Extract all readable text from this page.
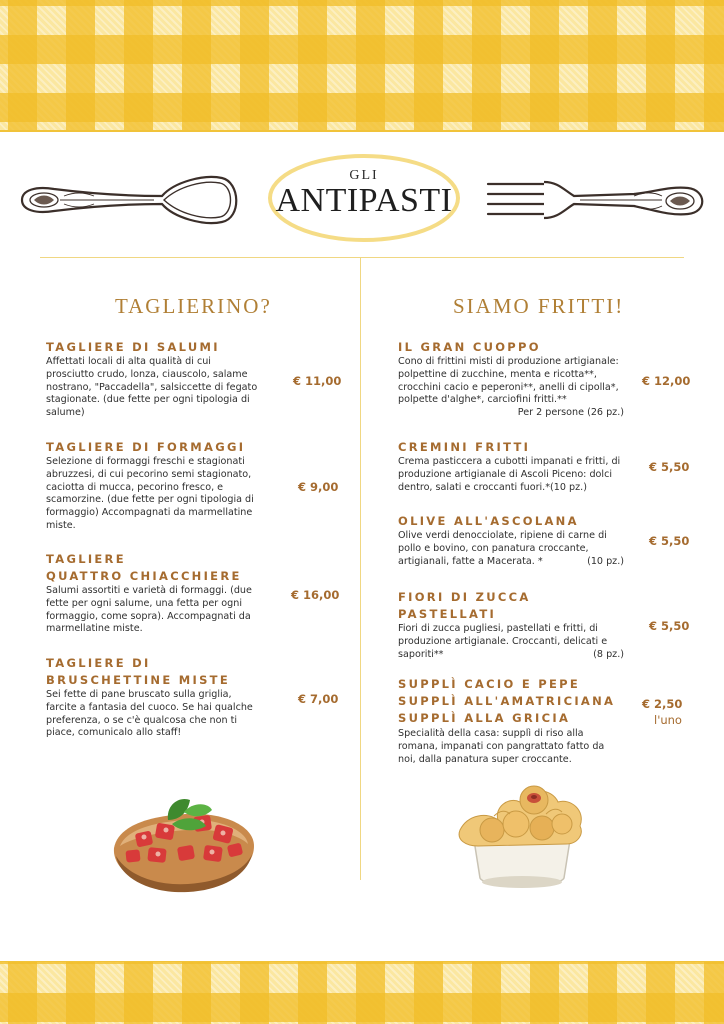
GLI
ANTIPASTI
TAGLIERINO?
TAGLIERE DI SALUMI
Affettati locali di alta qualità di cui prosciutto crudo, lonza, ciauscolo, salame nostrano, "Paccadella", salsiccette di fegato stagionate. (due fette per ogni tipologia di salume)
€ 11,00
TAGLIERE DI FORMAGGI
Selezione di formaggi freschi e stagionati abruzzesi, di cui pecorino semi stagionato, caciotta di mucca, pecorino fresco, e scamorzine. (due fette per ogni tipologia di formaggio) Accompagnati da marmellatine miste.
€ 9,00
TAGLIERE
QUATTRO CHIACCHIERE
Salumi assortiti e varietà di formaggi. (due fette per ogni salume, una fetta per ogni formaggio, come sopra). Accompagnati da marmellatine miste.
€ 16,00
TAGLIERE DI
BRUSCHETTINE MISTE
Sei fette di pane bruscato sulla griglia, farcite a fantasia del cuoco. Se hai qualche preferenza, o se c'è qualcosa che non ti piace, comunicalo allo staff!
€ 7,00
SIAMO FRITTI!
IL GRAN CUOPPO
Cono di frittini misti di produzione artigianale: polpettine di zucchine, menta e ricotta**, crocchini cacio e peperoni**, anelli di cipolla*, polpette d'alghe*, carciofini fritti.**
Per 2 persone (26 pz.)
€ 12,00
CREMINI FRITTI
Crema pasticcera a cubotti impanati e fritti, di produzione artigianale di Ascoli Piceno: dolci dentro, salati e croccanti fuori.*(10 pz.)
€ 5,50
OLIVE ALL'ASCOLANA
Olive verdi denocciolate, ripiene di carne di pollo e bovino, con panatura croccante, artigianali, fatte a Macerata. *	(10 pz.)
€ 5,50
FIORI DI ZUCCA
PASTELLATI
Fiori di zucca pugliesi, pastellati e fritti, di produzione artigianale. Croccanti, delicati e saporiti**	(8 pz.)
€ 5,50
SUPPLÌ CACIO E PEPE
SUPPLÌ ALL'AMATRICIANA
SUPPLÌ ALLA GRICIA
Specialità della casa: supplì di riso alla romana, impanati con pangrattato fatto da noi, dalla panatura super croccante.
€ 2,50
l'uno
